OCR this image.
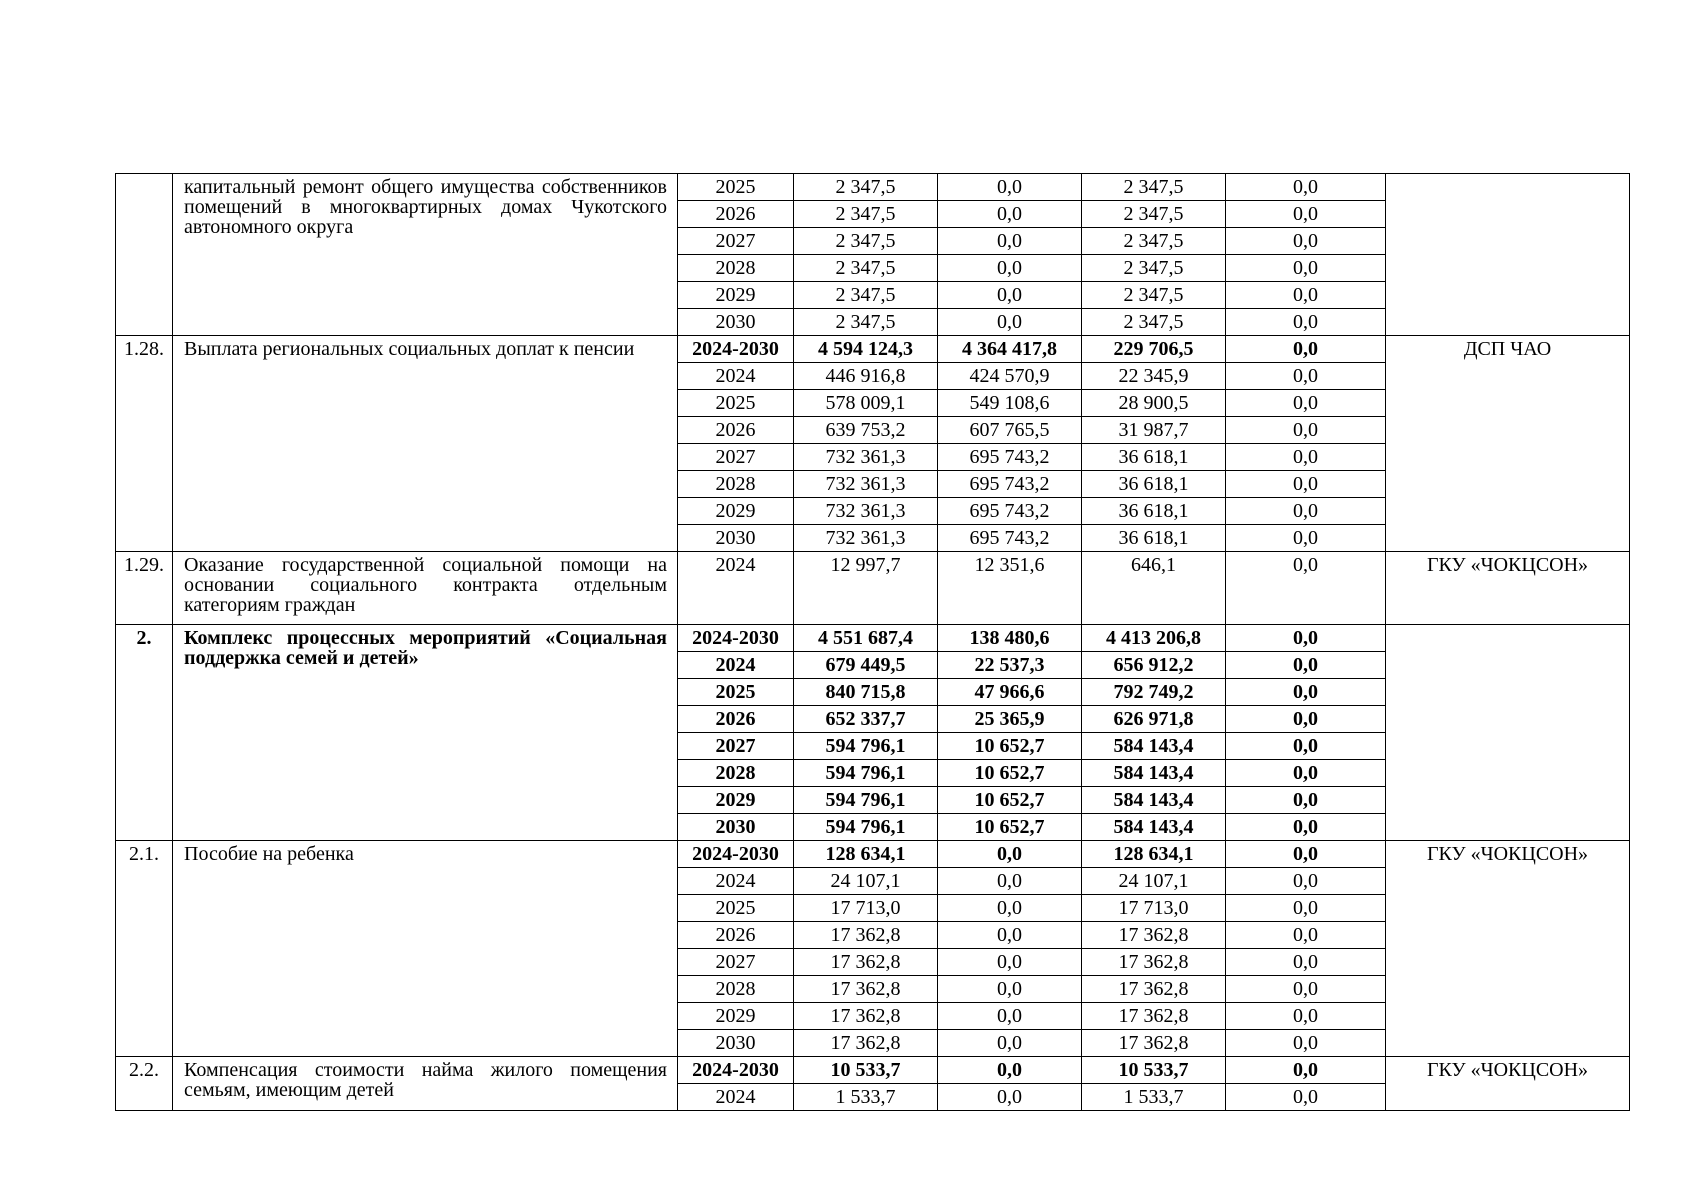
	капитальный ремонт общего имущества собственников помещений в многоквартирных домах Чукотского автономного округа	2025	2 347,5	0,0	2 347,5	0,0	
		2026	2 347,5	0,0	2 347,5	0,0	
		2027	2 347,5	0,0	2 347,5	0,0	
		2028	2 347,5	0,0	2 347,5	0,0	
		2029	2 347,5	0,0	2 347,5	0,0	
		2030	2 347,5	0,0	2 347,5	0,0	
1.28.	Выплата региональных социальных доплат к пенсии	2024-2030	4 594 124,3	4 364 417,8	229 706,5	0,0	ДСП ЧАО
		2024	446 916,8	424 570,9	22 345,9	0,0	
		2025	578 009,1	549 108,6	28 900,5	0,0	
		2026	639 753,2	607 765,5	31 987,7	0,0	
		2027	732 361,3	695 743,2	36 618,1	0,0	
		2028	732 361,3	695 743,2	36 618,1	0,0	
		2029	732 361,3	695 743,2	36 618,1	0,0	
		2030	732 361,3	695 743,2	36 618,1	0,0	
1.29.	Оказание государственной социальной помощи на основании социального контракта отдельным категориям граждан	2024	12 997,7	12 351,6	646,1	0,0	ГКУ «ЧОКЦСОН»
2.	Комплекс процессных мероприятий «Социальная поддержка семей и детей»	2024-2030	4 551 687,4	138 480,6	4 413 206,8	0,0	
		2024	679 449,5	22 537,3	656 912,2	0,0	
		2025	840 715,8	47 966,6	792 749,2	0,0	
		2026	652 337,7	25 365,9	626 971,8	0,0	
		2027	594 796,1	10 652,7	584 143,4	0,0	
		2028	594 796,1	10 652,7	584 143,4	0,0	
		2029	594 796,1	10 652,7	584 143,4	0,0	
		2030	594 796,1	10 652,7	584 143,4	0,0	
2.1.	Пособие на ребенка	2024-2030	128 634,1	0,0	128 634,1	0,0	ГКУ «ЧОКЦСОН»
		2024	24 107,1	0,0	24 107,1	0,0	
		2025	17 713,0	0,0	17 713,0	0,0	
		2026	17 362,8	0,0	17 362,8	0,0	
		2027	17 362,8	0,0	17 362,8	0,0	
		2028	17 362,8	0,0	17 362,8	0,0	
		2029	17 362,8	0,0	17 362,8	0,0	
		2030	17 362,8	0,0	17 362,8	0,0	
2.2.	Компенсация стоимости найма жилого помещения семьям, имеющим детей	2024-2030	10 533,7	0,0	10 533,7	0,0	ГКУ «ЧОКЦСОН»
		2024	1 533,7	0,0	1 533,7	0,0	
